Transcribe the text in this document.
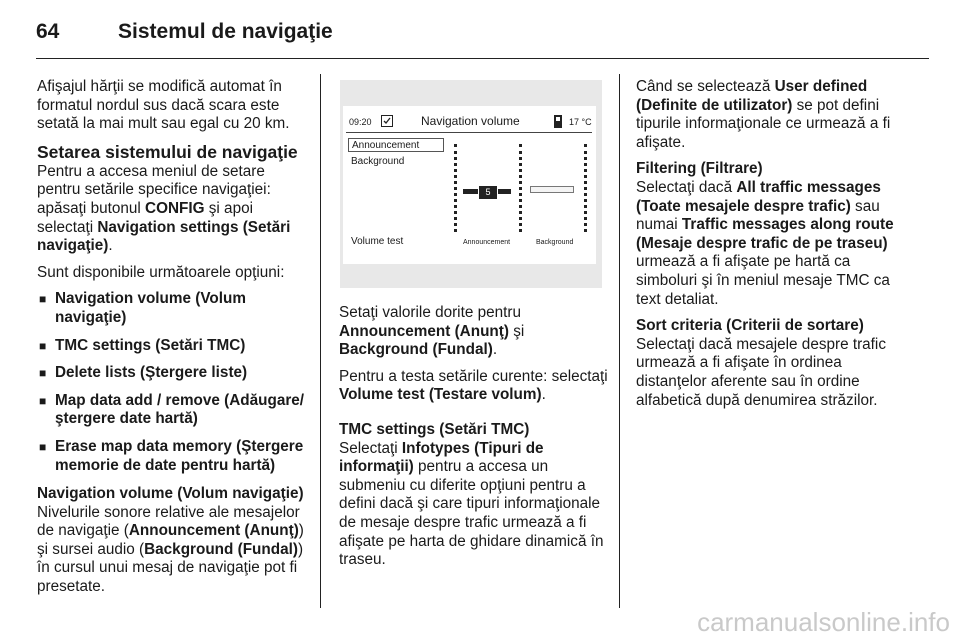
64	Sistemul de navigaţie

Afişajul hărţii se modifică automat în formatul nordul sus dacă scara este setată la mai mult sau egal cu 20 km.

Setarea sistemului de navigaţie

Pentru a accesa meniul de setare pentru setările specifice navigaţiei: apăsaţi butonul CONFIG şi apoi selectaţi Navigation settings (Setări navigaţie).

Sunt disponibile următoarele opţiuni:

■ Navigation volume (Volum navigaţie)
■ TMC settings (Setări TMC)
■ Delete lists (Ştergere liste)
■ Map data add / remove (Adăugare/ ştergere date hartă)
■ Erase map data memory (Ştergere memorie de date pentru hartă)
Navigation volume (Volum navigaţie)

Nivelurile sonore relative ale mesajelor de navigaţie (Announcement (Anunţ)) şi sursei audio (Background (Fundal)) în cursul unui mesaj de navigaţie pot fi presetate.

09:20	Navigation volume	17 °C
Announcement
Background
Volume test
5
Announcement	Background

Setaţi valorile dorite pentru Announcement (Anunţ) şi Background (Fundal).

Pentru a testa setările curente: selectaţi Volume test (Testare volum).

TMC settings (Setări TMC)

Selectaţi Infotypes (Tipuri de informaţii) pentru a accesa un submeniu cu diferite opţiuni pentru a defini dacă şi care tipuri informaţionale de mesaje despre trafic urmează a fi afişate pe harta de ghidare dinamică în traseu.

Când se selectează User defined (Definite de utilizator) se pot defini tipurile informaţionale ce urmează a fi afişate.

Filtering (Filtrare)

Selectaţi dacă All traffic messages (Toate mesajele despre trafic) sau numai Traffic messages along route (Mesaje despre trafic de pe traseu) urmează a fi afişate pe hartă ca simboluri şi în meniul mesaje TMC ca text detaliat.

Sort criteria (Criterii de sortare)

Selectaţi dacă mesajele despre trafic urmează a fi afişate în ordinea distanţelor aferente sau în ordine alfabetică după denumirea străzilor.

carmanualsonline.info
